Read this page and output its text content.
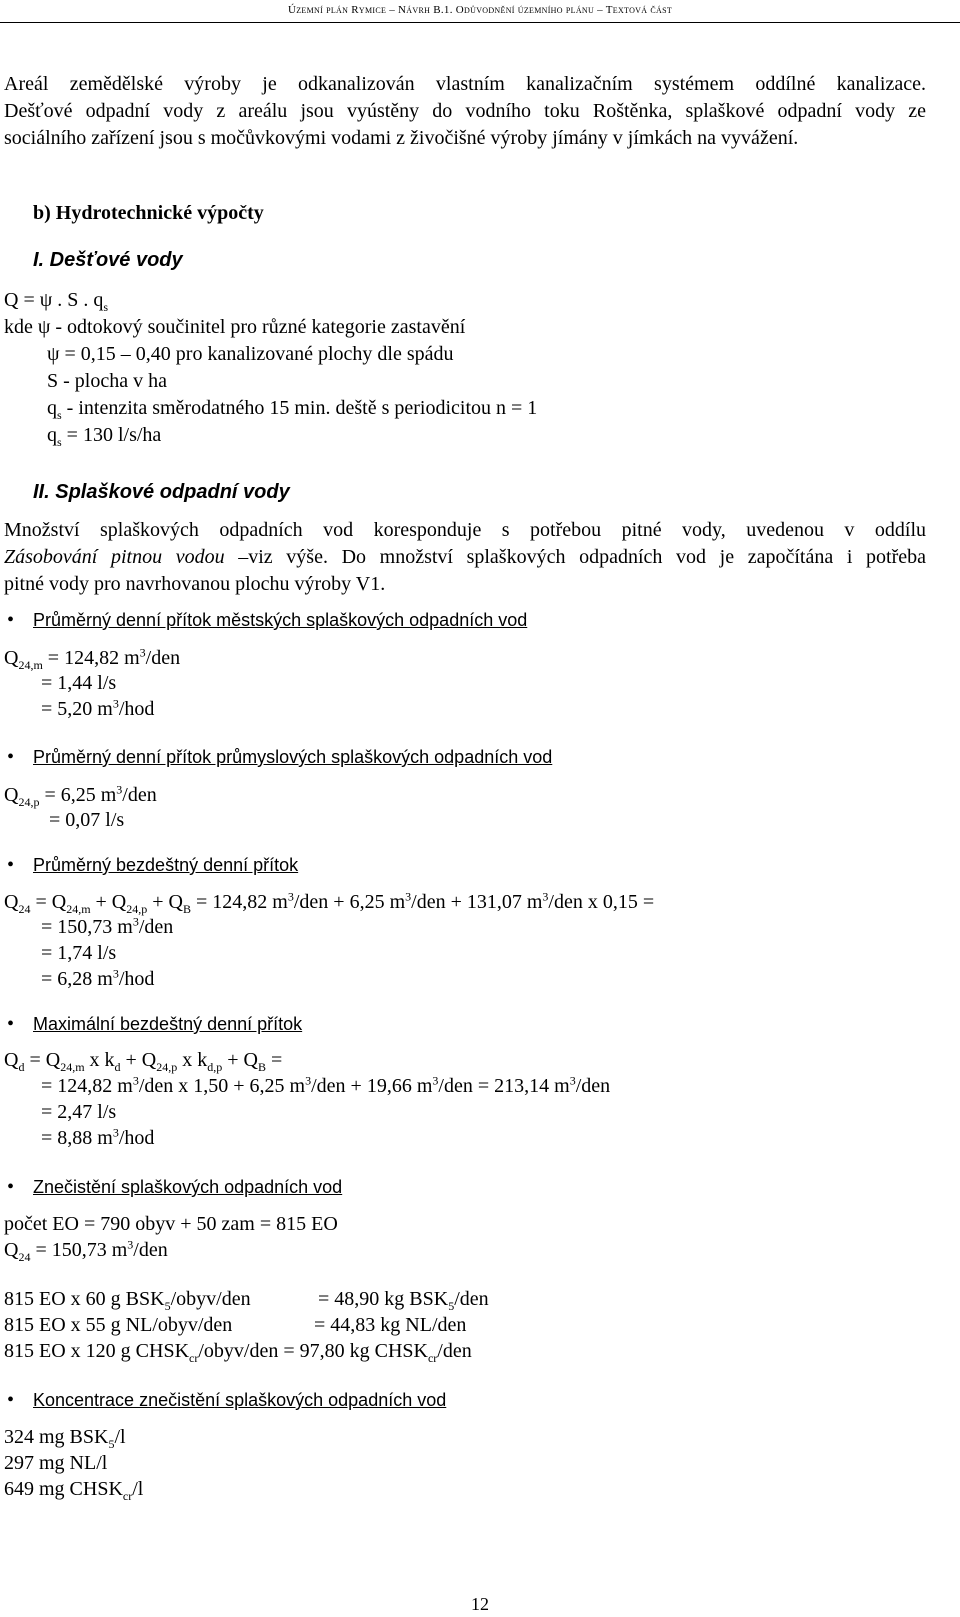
Územní plán Rymice – Návrh B.1. Odůvodnění územního plánu – Textová část
Areál zemědělské výroby je odkanalizován vlastním kanalizačním systémem oddílné kanalizace.
Dešťové odpadní vody z areálu jsou vyústěny do vodního toku Roštěnka, splaškové odpadní vody ze
sociálního zařízení jsou s močůvkovými vodami z živočišné výroby jímány v jímkách na vyvážení.
b) Hydrotechnické výpočty
I. Dešťové vody
Q = ψ . S . $q_s$
kde ψ - odtokový součinitel pro různé kategorie zastavění
ψ = 0,15 – 0,40 pro kanalizované plochy dle spádu
S - plocha v ha
$q_s$ - intenzita směrodatného 15 min. deště s periodicitou n = 1
$q_s = 130$ l/s/ha
II. Splaškové odpadní vody
Množství splaškových odpadních vod koresponduje s potřebou pitné vody, uvedenou v oddílu
Zásobování pitnou vodou –viz výše. Do množství splaškových odpadních vod je započítána i potřeba
pitné vody pro navrhovanou plochu výroby V1.
• Průměrný denní přítok městských splaškových odpadních vod
$Q_{24,m} = 124,82$ $m^3$/den
= 1,44 l/s
= 5,20 $m^3$/hod
• Průměrný denní přítok průmyslových splaškových odpadních vod
$Q_{24,p} = 6,25$ $m^3$/den
= 0,07 l/s
• Průměrný bezdeštný denní přítok
$Q_{24} = Q_{24,m} + Q_{24,p} + Q_B = 124,82$ $m^3$/den + 6,25 $m^3$/den + 131,07 $m^3$/den x 0,15 =
= 150,73 $m^3$/den
= 1,74 l/s
= 6,28 $m^3$/hod
• Maximální bezdeštný denní přítok
$Q_d = Q_{24,m}$ x $k_d + Q_{24,p}$ x $k_{d,p} + Q_B$ =
= 124,82 $m^3$/den x 1,50 + 6,25 $m^3$/den + 19,66 $m^3$/den = 213,14 $m^3$/den
= 2,47 l/s
= 8,88 $m^3$/hod
• Znečistění splaškových odpadních vod
počet EO = 790 obyv + 50 zam = 815 EO
$Q_{24} = 150,73$ $m^3$/den
815 EO x 60 g $BSK_5/obyv$/den	= 48,90 kg $BSK_5$/den
815 EO x 55 g NL/obyv/den	= 44,83 kg NL/den
815 EO x 120 g $CHSK_{cr}/obyv$/den = 97,80 kg $CHSK_{cr}$/den
• Koncentrace znečistění splaškových odpadních vod
324 mg $BSK_5/l$
297 mg NL/l
649 mg $CHSK_{cr}/l$
12
